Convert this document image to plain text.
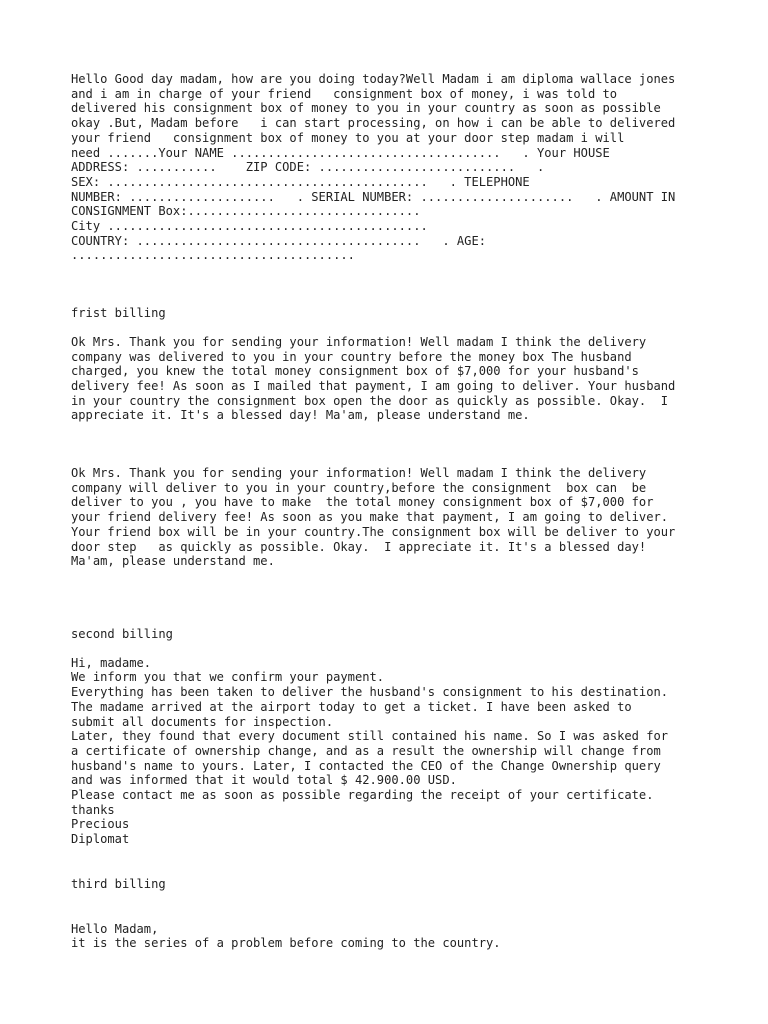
Hello Good day madam, how are you doing today?Well Madam i am diploma wallace jones
and i am in charge of your friend   consignment box of money, i was told to
delivered his consignment box of money to you in your country as soon as possible
okay .But, Madam before   i can start processing, on how i can be able to delivered
your friend   consignment box of money to you at your door step madam i will
need .......Your NAME .....................................   . Your HOUSE
ADDRESS: ...........    ZIP CODE: ...........................   .
SEX: ............................................   . TELEPHONE
NUMBER: ....................   . SERIAL NUMBER: .....................   . AMOUNT IN
CONSIGNMENT Box:................................
City ............................................
COUNTRY: .......................................   . AGE:
.......................................

frist billing

Ok Mrs. Thank you for sending your information! Well madam I think the delivery
company was delivered to you in your country before the money box The husband
charged, you knew the total money consignment box of $7,000 for your husband's
delivery fee! As soon as I mailed that payment, I am going to deliver. Your husband
in your country the consignment box open the door as quickly as possible. Okay.  I
appreciate it. It's a blessed day! Ma'am, please understand me.

Ok Mrs. Thank you for sending your information! Well madam I think the delivery
company will deliver to you in your country,before the consignment  box can  be
deliver to you , you have to make  the total money consignment box of $7,000 for
your friend delivery fee! As soon as you make that payment, I am going to deliver.
Your friend box will be in your country.The consignment box will be deliver to your
door step   as quickly as possible. Okay.  I appreciate it. It's a blessed day!
Ma'am, please understand me.

second billing

Hi, madame.
We inform you that we confirm your payment.
Everything has been taken to deliver the husband's consignment to his destination.
The madame arrived at the airport today to get a ticket. I have been asked to
submit all documents for inspection.
Later, they found that every document still contained his name. So I was asked for
a certificate of ownership change, and as a result the ownership will change from
husband's name to yours. Later, I contacted the CEO of the Change Ownership query
and was informed that it would total $ 42.900.00 USD.
Please contact me as soon as possible regarding the receipt of your certificate.
thanks
Precious
Diplomat

third billing

Hello Madam,
it is the series of a problem before coming to the country.
